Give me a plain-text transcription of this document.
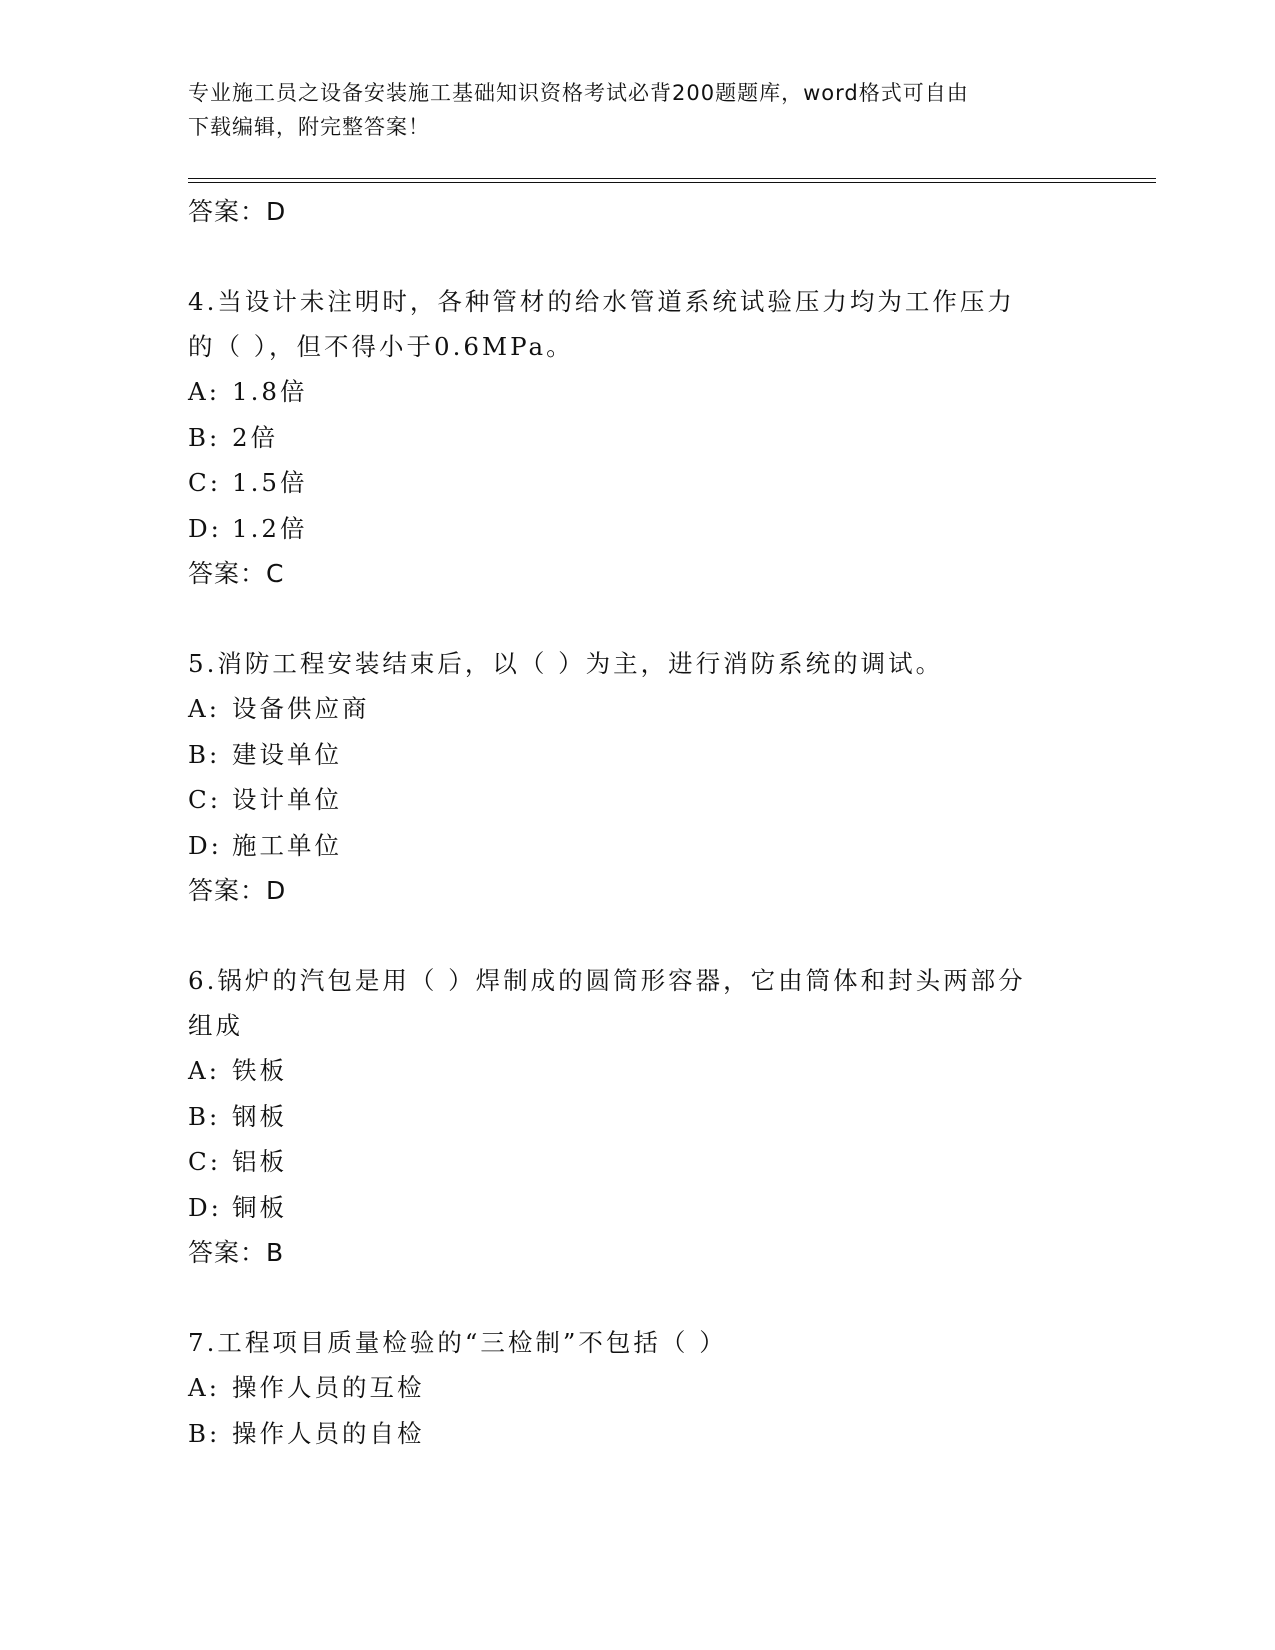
专业施工员之设备安装施工基础知识资格考试必背200题题库，word格式可自由
下载编辑，附完整答案！
答案：D
4.当设计未注明时，各种管材的给水管道系统试验压力均为工作压力
的（ ），但不得小于0.6MPa。
A: 1.8倍
B: 2倍
C: 1.5倍
D: 1.2倍
答案：C
5.消防工程安装结束后，以（ ）为主，进行消防系统的调试。
A: 设备供应商
B: 建设单位
C: 设计单位
D: 施工单位
答案：D
6.锅炉的汽包是用（ ）焊制成的圆筒形容器，它由筒体和封头两部分
组成
A: 铁板
B: 钢板
C: 铝板
D: 铜板
答案：B
7.工程项目质量检验的“三检制”不包括（ ）
A: 操作人员的互检
B: 操作人员的自检
